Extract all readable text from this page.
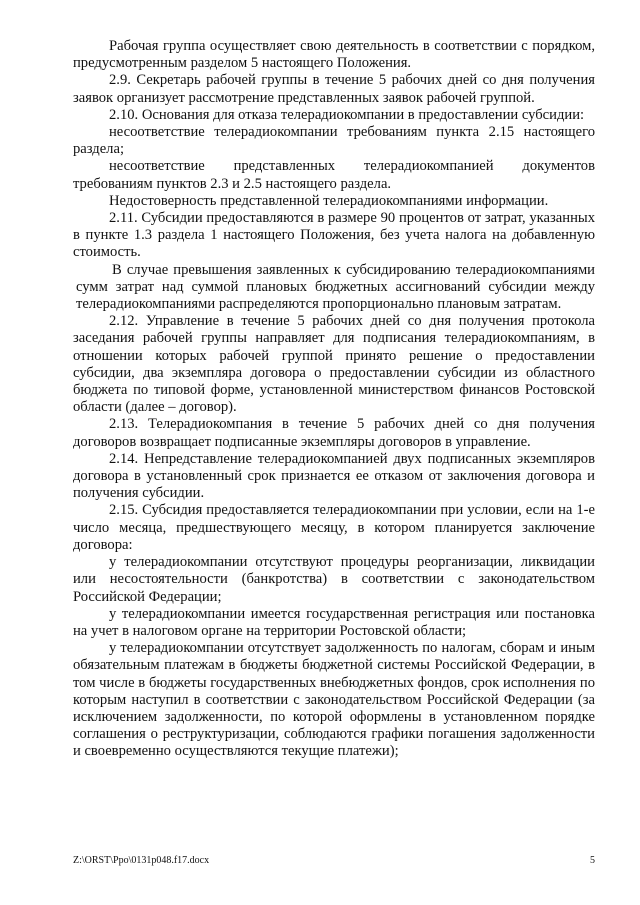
Рабочая группа осуществляет свою деятельность в соответствии с порядком, предусмотренным разделом 5 настоящего Положения.

2.9. Секретарь рабочей группы в течение 5 рабочих дней со дня получения заявок организует рассмотрение представленных заявок рабочей группой.

2.10. Основания для отказа телерадиокомпании в предоставлении субсидии:

несоответствие телерадиокомпании требованиям пункта 2.15 настоящего раздела;

несоответствие представленных телерадиокомпанией документов требованиям пунктов 2.3 и 2.5 настоящего раздела.

Недостоверность представленной телерадиокомпаниями информации.

2.11. Субсидии предоставляются в размере 90 процентов от затрат, указанных в пункте 1.3 раздела 1 настоящего Положения, без учета налога на добавленную стоимость.

В случае превышения заявленных к субсидированию телерадиокомпаниями сумм затрат над суммой плановых бюджетных ассигнований субсидии между телерадиокомпаниями распределяются пропорционально плановым затратам.

2.12. Управление в течение 5 рабочих дней со дня получения протокола заседания рабочей группы направляет для подписания телерадиокомпаниям, в отношении которых рабочей группой принято решение о предоставлении субсидии, два экземпляра договора о предоставлении субсидии из областного бюджета по типовой форме, установленной министерством финансов Ростовской области (далее – договор).

2.13. Телерадиокомпания в течение 5 рабочих дней со дня получения договоров возвращает подписанные экземпляры договоров в управление.

2.14. Непредставление телерадиокомпанией двух подписанных экземпляров договора в установленный срок признается ее отказом от заключения договора и получения субсидии.

2.15. Субсидия предоставляется телерадиокомпании при условии, если на 1-е число месяца, предшествующего месяцу, в котором планируется заключение договора:

у телерадиокомпании отсутствуют процедуры реорганизации, ликвидации или несостоятельности (банкротства) в соответствии с законодательством Российской Федерации;

у телерадиокомпании имеется государственная регистрация или постановка на учет в налоговом органе на территории Ростовской области;

у телерадиокомпании отсутствует задолженность по налогам, сборам и иным обязательным платежам в бюджеты бюджетной системы Российской Федерации, в том числе в бюджеты государственных внебюджетных фондов, срок исполнения по которым наступил в соответствии с законодательством Российской Федерации (за исключением задолженности, по которой оформлены в установленном порядке соглашения о реструктуризации, соблюдаются графики погашения задолженности и своевременно осуществляются текущие платежи);

Z:\ORST\Ppo\0131p048.f17.docx	5
